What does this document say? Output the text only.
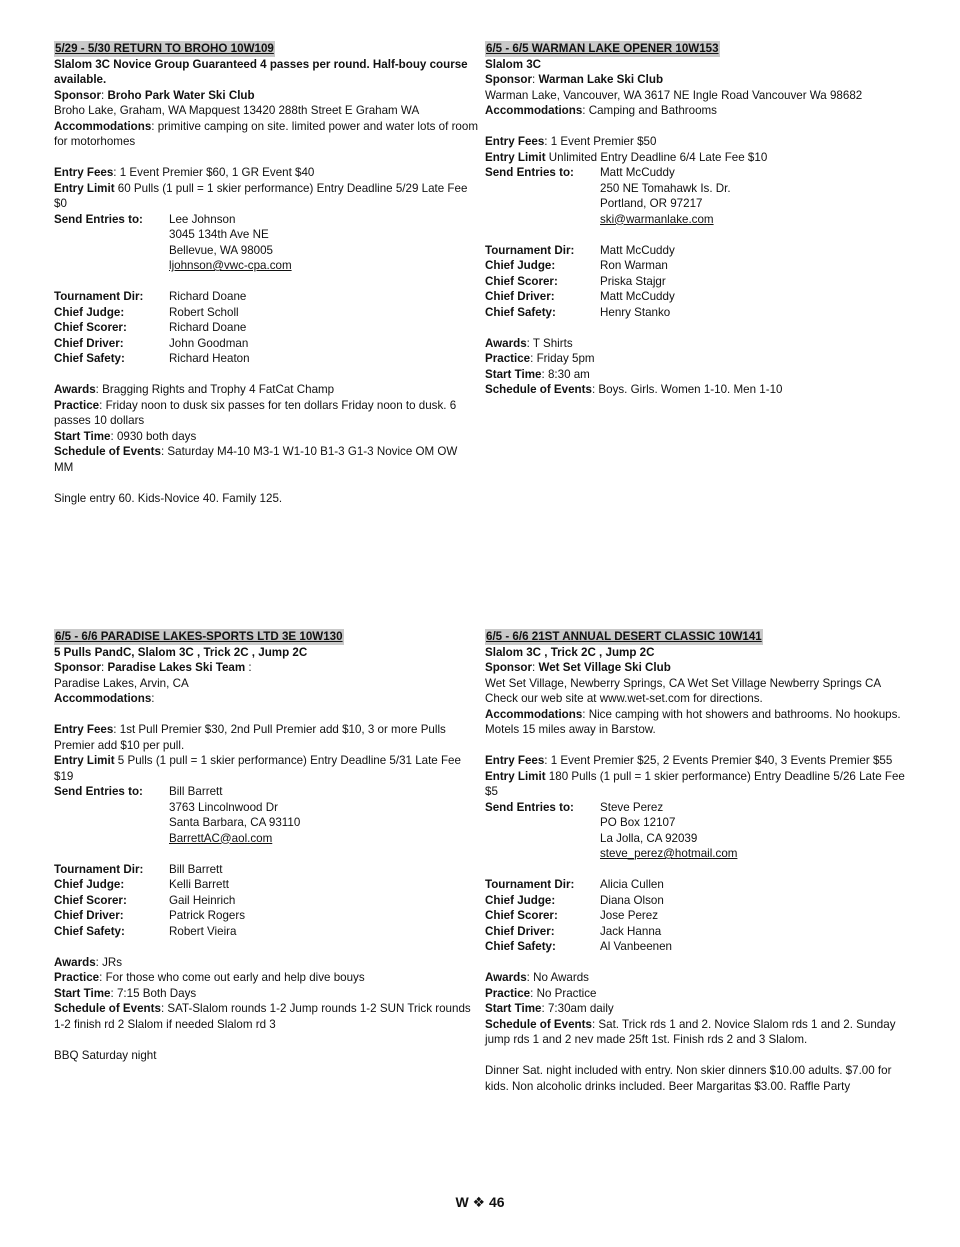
5/29 - 5/30 RETURN TO BROHO 10W109
Slalom 3C Novice Group Guaranteed 4 passes per round. Half-bouy course available.
Sponsor: Broho Park Water Ski Club
Broho Lake, Graham, WA Mapquest 13420 288th Street E Graham WA
Accommodations: primitive camping on site. limited power and water lots of room for motorhomes
Entry Fees: 1 Event Premier $60, 1 GR Event $40
Entry Limit 60 Pulls (1 pull = 1 skier performance) Entry Deadline 5/29 Late Fee $0
Send Entries to:	Lee Johnson
3045 134th Ave NE
Bellevue, WA 98005
ljohnson@vwc-cpa.com
Tournament Dir:	Richard Doane
Chief Judge:	Robert Scholl
Chief Scorer:	Richard Doane
Chief Driver:	John Goodman
Chief Safety:	Richard Heaton
Awards: Bragging Rights and Trophy 4 FatCat Champ
Practice: Friday noon to dusk six passes for ten dollars Friday noon to dusk. 6 passes 10 dollars
Start Time: 0930 both days
Schedule of Events: Saturday M4-10 M3-1 W1-10 B1-3 G1-3 Novice OM OW MM
Single entry 60. Kids-Novice 40. Family 125.
6/5 - 6/5 WARMAN LAKE OPENER 10W153
Slalom 3C
Sponsor: Warman Lake Ski Club
Warman Lake, Vancouver, WA 3617 NE Ingle Road Vancouver Wa 98682
Accommodations: Camping and Bathrooms
Entry Fees: 1 Event Premier $50
Entry Limit Unlimited Entry Deadline 6/4 Late Fee $10
Send Entries to:	Matt McCuddy
250 NE Tomahawk Is. Dr.
Portland, OR 97217
ski@warmanlake.com
Tournament Dir:	Matt McCuddy
Chief Judge:	Ron Warman
Chief Scorer:	Priska Stajgr
Chief Driver:	Matt McCuddy
Chief Safety:	Henry Stanko
Awards: T Shirts
Practice: Friday 5pm
Start Time: 8:30 am
Schedule of Events: Boys. Girls. Women 1-10. Men 1-10
6/5 - 6/6 PARADISE LAKES-SPORTS LTD 3E 10W130
5 Pulls PandC, Slalom 3C , Trick 2C , Jump 2C
Sponsor: Paradise Lakes Ski Team :
Paradise Lakes, Arvin, CA
Accommodations:
Entry Fees: 1st Pull Premier $30, 2nd Pull Premier add $10, 3 or more Pulls Premier add $10 per pull.
Entry Limit 5 Pulls (1 pull = 1 skier performance) Entry Deadline 5/31 Late Fee $19
Send Entries to:	Bill Barrett
3763 Lincolnwood Dr
Santa Barbara, CA 93110
BarrettAC@aol.com
Tournament Dir:	Bill Barrett
Chief Judge:	Kelli Barrett
Chief Scorer:	Gail Heinrich
Chief Driver:	Patrick Rogers
Chief Safety:	Robert Vieira
Awards: JRs
Practice: For those who come out early and help dive bouys
Start Time: 7:15 Both Days
Schedule of Events: SAT-Slalom rounds 1-2 Jump rounds 1-2 SUN Trick rounds 1-2 finish rd 2 Slalom if needed Slalom rd 3
BBQ Saturday night
6/5 - 6/6 21ST ANNUAL DESERT CLASSIC 10W141
Slalom 3C , Trick 2C , Jump 2C
Sponsor: Wet Set Village Ski Club
Wet Set Village, Newberry Springs, CA Wet Set Village Newberry Springs CA Check our web site at www.wet-set.com for directions.
Accommodations: Nice camping with hot showers and bathrooms. No hookups. Motels 15 miles away in Barstow.
Entry Fees: 1 Event Premier $25, 2 Events Premier $40, 3 Events Premier $55
Entry Limit 180 Pulls (1 pull = 1 skier performance) Entry Deadline 5/26 Late Fee $5
Send Entries to:	Steve Perez
PO Box 12107
La Jolla, CA 92039
steve_perez@hotmail.com
Tournament Dir:	Alicia Cullen
Chief Judge:	Diana Olson
Chief Scorer:	Jose Perez
Chief Driver:	Jack Hanna
Chief Safety:	Al Vanbeenen
Awards: No Awards
Practice: No Practice
Start Time: 7:30am daily
Schedule of Events: Sat. Trick rds 1 and 2. Novice Slalom rds 1 and 2. Sunday jump rds 1 and 2 nev made 25ft 1st. Finish rds 2 and 3 Slalom.
Dinner Sat. night included with entry. Non skier dinners $10.00 adults. $7.00 for kids. Non alcoholic drinks included. Beer Margaritas $3.00. Raffle Party
W ❖ 46
